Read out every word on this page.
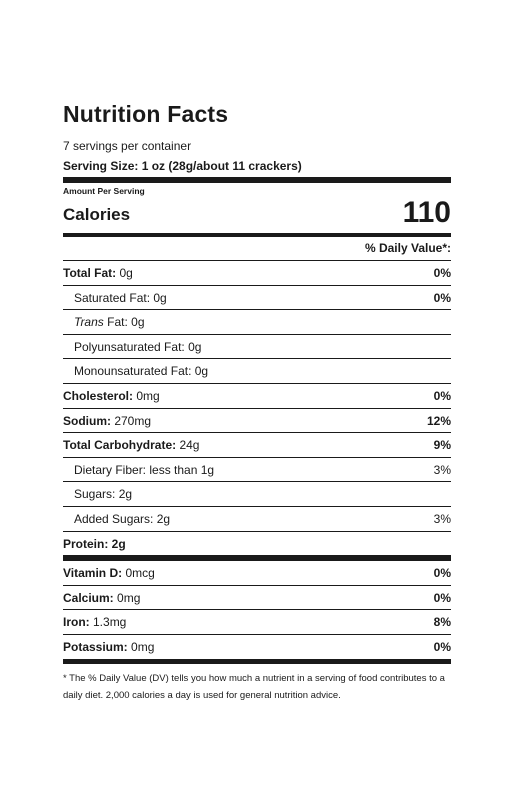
Nutrition Facts
7 servings per container
Serving Size: 1 oz (28g/about 11 crackers)
Amount Per Serving
Calories	110
% Daily Value*:
Total Fat: 0g	0%
Saturated Fat: 0g	0%
Trans Fat: 0g
Polyunsaturated Fat: 0g
Monounsaturated Fat: 0g
Cholesterol: 0mg	0%
Sodium: 270mg	12%
Total Carbohydrate: 24g	9%
Dietary Fiber: less than 1g	3%
Sugars: 2g
Added Sugars: 2g	3%
Protein: 2g
Vitamin D: 0mcg	0%
Calcium: 0mg	0%
Iron: 1.3mg	8%
Potassium: 0mg	0%
* The % Daily Value (DV) tells you how much a nutrient in a serving of food contributes to a daily diet. 2,000 calories a day is used for general nutrition advice.
